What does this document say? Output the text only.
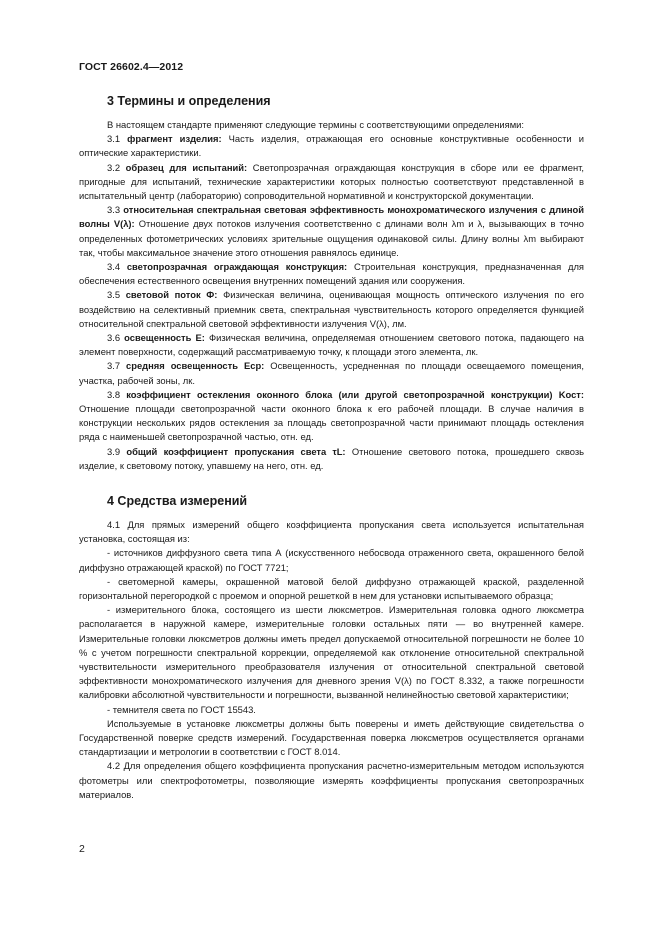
ГОСТ 26602.4—2012
3 Термины и определения

В настоящем стандарте применяют следующие термины с соответствующими определениями:

3.1 фрагмент изделия: Часть изделия, отражающая его основные конструктивные особенности и оптические характеристики.

3.2 образец для испытаний: Светопрозрачная ограждающая конструкция в сборе или ее фрагмент, пригодные для испытаний, технические характеристики которых полностью соответствуют представленной в испытательный центр (лабораторию) сопроводительной нормативной и конструкторской документации.

3.3 относительная спектральная световая эффективность монохроматического излучения с длиной волны V(λ): Отношение двух потоков излучения соответственно с длинами волн λm и λ, вызывающих в точно определенных фотометрических условиях зрительные ощущения одинаковой силы. Длину волны λm выбирают так, чтобы максимальное значение этого отношения равнялось единице.

3.4 светопрозрачная ограждающая конструкция: Строительная конструкция, предназначенная для обеспечения естественного освещения внутренних помещений здания или сооружения.

3.5 световой поток Ф: Физическая величина, оценивающая мощность оптического излучения по его воздействию на селективный приемник света, спектральная чувствительность которого определяется функцией относительной спектральной световой эффективности излучения V(λ), лм.

3.6 освещенность E: Физическая величина, определяемая отношением светового потока, падающего на элемент поверхности, содержащий рассматриваемую точку, к площади этого элемента, лк.

3.7 средняя освещенность Eср: Освещенность, усредненная по площади освещаемого помещения, участка, рабочей зоны, лк.

3.8 коэффициент остекления оконного блока (или другой светопрозрачной конструкции) Kост: Отношение площади светопрозрачной части оконного блока к его рабочей площади. В случае наличия в конструкции нескольких рядов остекления за площадь светопрозрачной части принимают площадь остекления ряда с наименьшей светопрозрачной частью, отн. ед.

3.9 общий коэффициент пропускания света τL: Отношение светового потока, прошедшего сквозь изделие, к световому потоку, упавшему на него, отн. ед.

4 Средства измерений

4.1 Для прямых измерений общего коэффициента пропускания света используется испытательная установка, состоящая из:

- источников диффузного света типа А (искусственного небосвода отраженного света, окрашенного белой диффузно отражающей краской) по ГОСТ 7721;

- светомерной камеры, окрашенной матовой белой диффузно отражающей краской, разделенной горизонтальной перегородкой с проемом и опорной решеткой в нем для установки испытываемого образца;

- измерительного блока, состоящего из шести люксметров. Измерительная головка одного люксметра располагается в наружной камере, измерительные головки остальных пяти — во внутренней камере. Измерительные головки люксметров должны иметь предел допускаемой относительной погрешности не более 10 % с учетом погрешности спектральной коррекции, определяемой как отклонение относительной спектральной чувствительности измерительного преобразователя излучения от относительной спектральной световой эффективности монохроматического излучения для дневного зрения V(λ) по ГОСТ 8.332, а также погрешности калибровки абсолютной чувствительности и погрешности, вызванной нелинейностью световой характеристики;

- темнителя света по ГОСТ 15543.

Используемые в установке люксметры должны быть поверены и иметь действующие свидетельства о Государственной поверке средств измерений. Государственная поверка люксметров осуществляется органами стандартизации и метрологии в соответствии с ГОСТ 8.014.

4.2 Для определения общего коэффициента пропускания расчетно-измерительным методом используются фотометры или спектрофотометры, позволяющие измерять коэффициенты пропускания светопрозрачных материалов.

2
